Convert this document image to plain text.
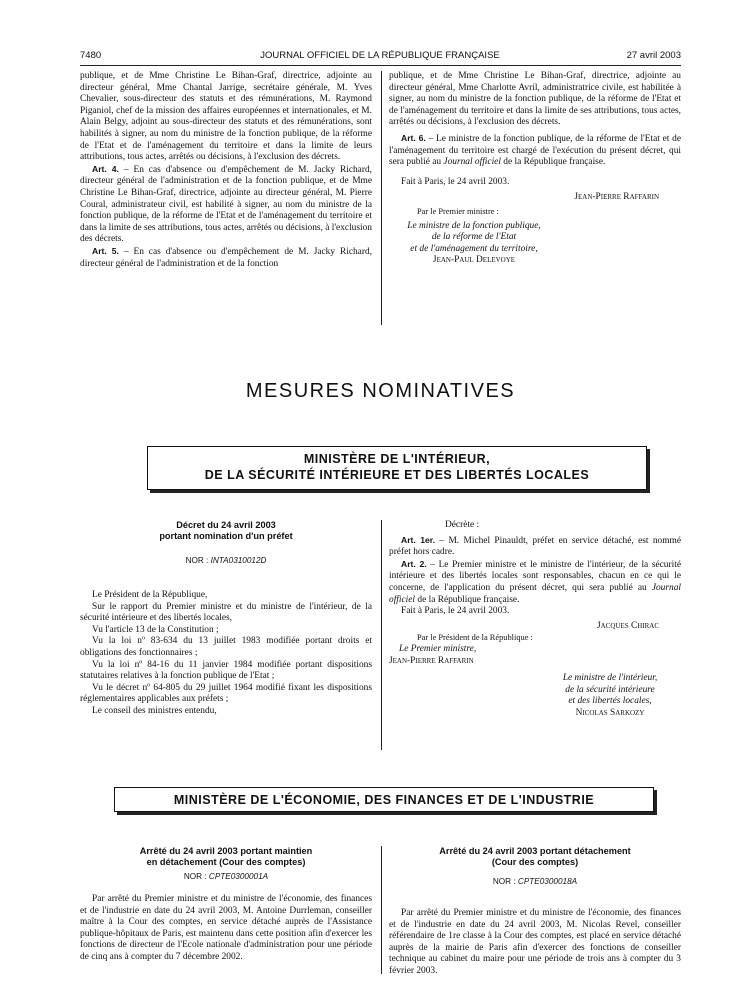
7480	JOURNAL OFFICIEL DE LA RÉPUBLIQUE FRANÇAISE	27 avril 2003

publique, et de Mme Christine Le Bihan-Graf, directrice, adjointe au directeur général, Mme Chantal Jarrige, secrétaire générale, M. Yves Chevalier, sous-directeur des statuts et des rémunérations, M. Raymond Piganiol, chef de la mission des affaires européennes et internationales, et M. Alain Belgy, adjoint au sous-directeur des statuts et des rémunérations, sont habilités à signer, au nom du ministre de la fonction publique, de la réforme de l'Etat et de l'aménagement du territoire et dans la limite de leurs attributions, tous actes, arrêtés ou décisions, à l'exclusion des décrets.

Art. 4. – En cas d'absence ou d'empêchement de M. Jacky Richard, directeur général de l'administration et de la fonction publique, et de Mme Christine Le Bihan-Graf, directrice, adjointe au directeur général, M. Pierre Coural, administrateur civil, est habilité à signer, au nom du ministre de la fonction publique, de la réforme de l'Etat et de l'aménagement du territoire et dans la limite de ses attributions, tous actes, arrêtés ou décisions, à l'exclusion des décrets.

Art. 5. – En cas d'absence ou d'empêchement de M. Jacky Richard, directeur général de l'administration et de la fonction

publique, et de Mme Christine Le Bihan-Graf, directrice, adjointe au directeur général, Mme Charlotte Avril, administratrice civile, est habilitée à signer, au nom du ministre de la fonction publique, de la réforme de l'Etat et de l'aménagement du territoire et dans la limite de ses attributions, tous actes, arrêtés ou décisions, à l'exclusion des décrets.

Art. 6. – Le ministre de la fonction publique, de la réforme de l'Etat et de l'aménagement du territoire est chargé de l'exécution du présent décret, qui sera publié au Journal officiel de la République française.

Fait à Paris, le 24 avril 2003.

Jean-Pierre Raffarin

Par le Premier ministre :

Le ministre de la fonction publique,
de la réforme de l'Etat
et de l'aménagement du territoire,
Jean-Paul Delevoye
MESURES NOMINATIVES
MINISTÈRE DE L'INTÉRIEUR,
DE LA SÉCURITÉ INTÉRIEURE ET DES LIBERTÉS LOCALES
Décret du 24 avril 2003
portant nomination d'un préfet
NOR : INTA0310012D

Le Président de la République,

Sur le rapport du Premier ministre et du ministre de l'intérieur, de la sécurité intérieure et des libertés locales,

Vu l'article 13 de la Constitution ;

Vu la loi nº 83-634 du 13 juillet 1983 modifiée portant droits et obligations des fonctionnaires ;

Vu la loi nº 84-16 du 11 janvier 1984 modifiée portant dispositions statutaires relatives à la fonction publique de l'Etat ;

Vu le décret nº 64-805 du 29 juillet 1964 modifié fixant les dispositions réglementaires applicables aux préfets ;

Le conseil des ministres entendu,

Décrète :

Art. 1er. – M. Michel Pinauldt, préfet en service détaché, est nommé préfet hors cadre.

Art. 2. – Le Premier ministre et le ministre de l'intérieur, de la sécurité intérieure et des libertés locales sont responsables, chacun en ce qui le concerne, de l'application du présent décret, qui sera publié au Journal officiel de la République française.

Fait à Paris, le 24 avril 2003.

Jacques Chirac

Par le Président de la République :

Le Premier ministre,

Jean-Pierre Raffarin

Le ministre de l'intérieur,
de la sécurité intérieure
et des libertés locales,
Nicolas Sarkozy
MINISTÈRE DE L'ÉCONOMIE, DES FINANCES ET DE L'INDUSTRIE
Arrêté du 24 avril 2003 portant maintien
en détachement (Cour des comptes)
NOR : CPTE0300001A

Par arrêté du Premier ministre et du ministre de l'économie, des finances et de l'industrie en date du 24 avril 2003, M. Antoine Durrleman, conseiller maître à la Cour des comptes, en service détaché auprès de l'Assistance publique-hôpitaux de Paris, est maintenu dans cette position afin d'exercer les fonctions de directeur de l'Ecole nationale d'administration pour une période de cinq ans à compter du 7 décembre 2002.

Arrêté du 24 avril 2003 portant détachement
(Cour des comptes)
NOR : CPTE0300018A

Par arrêté du Premier ministre et du ministre de l'économie, des finances et de l'industrie en date du 24 avril 2003, M. Nicolas Revel, conseiller référendaire de 1re classe à la Cour des comptes, est placé en service détaché auprès de la mairie de Paris afin d'exercer des fonctions de conseiller technique au cabinet du maire pour une période de trois ans à compter du 3 février 2003.
